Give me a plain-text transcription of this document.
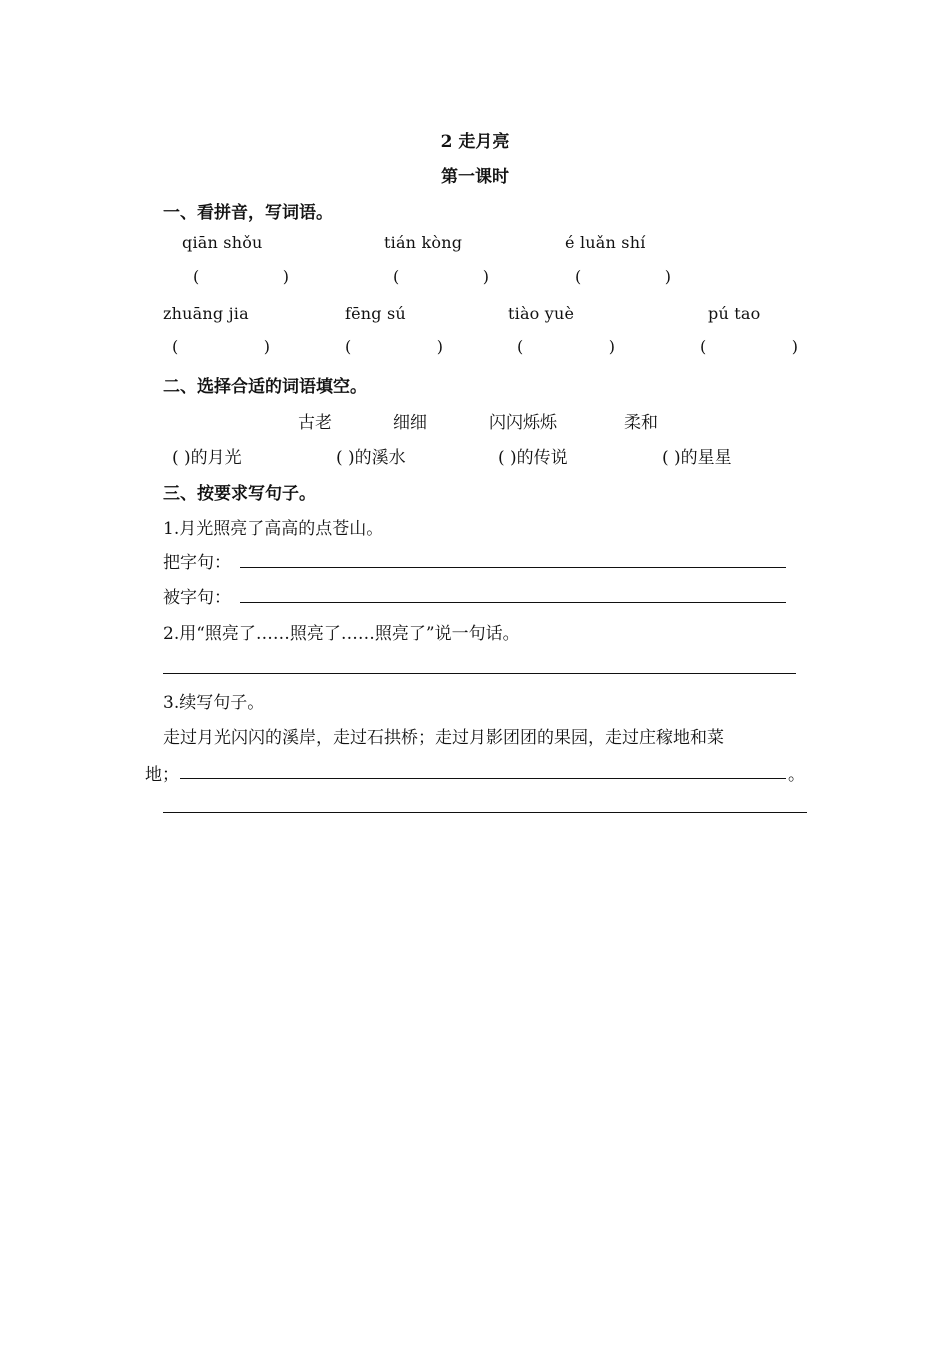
2 走月亮
第一课时
一、看拼音，写词语。
qiān shǒu	tián kòng	é luǎn shí
(	)	(	)	(	)
zhuāng jia	fēng sú	tiào yuè	pú tao
(	)	(	)	(	)	(	)
二、选择合适的词语填空。
古老	细细	闪闪烁烁	柔和
( )的月光	( )的溪水	( )的传说	( )的星星
三、按要求写句子。
1.月光照亮了高高的点苍山。
把字句：
被字句：
2.用“照亮了……照亮了……照亮了”说一句话。
3.续写句子。
走过月光闪闪的溪岸，走过石拱桥；走过月影团团的果园，走过庄稼地和菜
地；	。
